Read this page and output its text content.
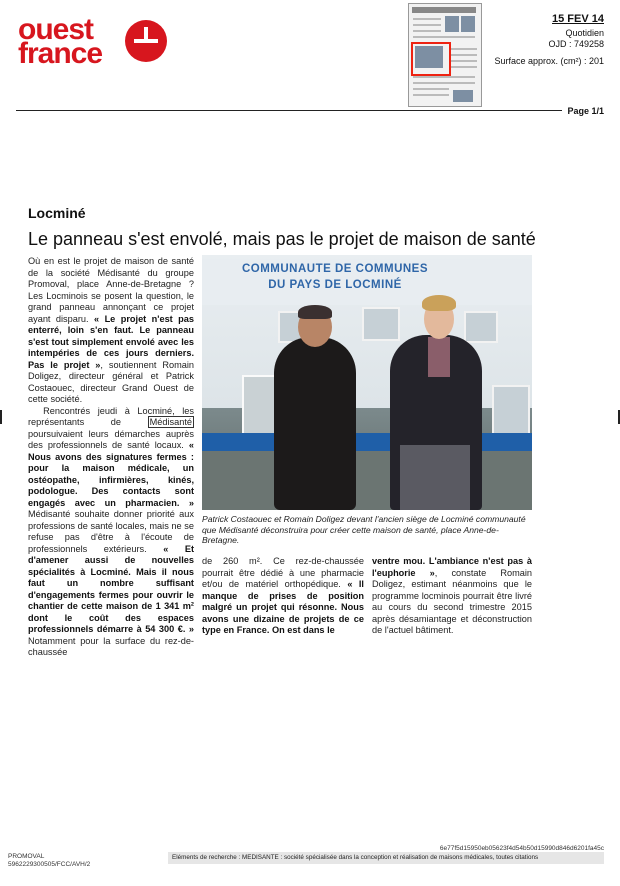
ouest
france
15 FEV 14
Quotidien
OJD : 749258
Surface approx. (cm²) : 201
Page 1/1
Locminé
Le panneau s'est envolé, mais pas le projet de maison de santé
Où en est le projet de maison de santé de la société Médisanté du groupe Promoval, place Anne-de-Bretagne ? Les Locminois se posent la question, le grand panneau annonçant ce projet ayant disparu. « Le projet n'est pas enterré, loin s'en faut. Le panneau s'est tout simplement envolé avec les intempéries de ces jours derniers. Pas le projet », soutiennent Romain Doligez, directeur général et Patrick Costaouec, directeur Grand Ouest de cette société.
Rencontrés jeudi à Locminé, les représentants de	Médisanté poursuivaient leurs démarches auprès des professionnels de santé locaux. « Nous avons des signatures fermes : pour la maison médicale, un ostéopathe, infirmières, kinés, podologue. Des contacts sont engagés avec un pharmacien. » Médisanté souhaite donner priorité aux professions de santé locales, mais ne se refuse pas d'être à l'écoute de professionnels extérieurs. « Et d'amener aussi de nouvelles spécialités à Locminé. Mais il nous faut un nombre suffisant d'engagements fermes pour ouvrir le chantier de cette maison de 1 341 m² dont le coût des espaces professionnels démarre à 54 300 €. » Notamment pour la surface du rez-de-chaussée
COMMUNAUTE DE COMMUNES
DU PAYS DE LOCMINÉ
Patrick Costaouec et Romain Doligez devant l'ancien siège de Locminé communauté que Médisanté déconstruira pour créer cette maison de santé, place Anne-de-Bretagne.
de 260 m². Ce rez-de-chaussée pourrait être dédié à une pharmacie et/ou de matériel orthopédique. « Il manque de prises de position malgré un projet qui résonne. Nous avons une dizaine de projets de ce type en France. On est dans le
ventre mou. L'ambiance n'est pas à l'euphorie », constate Romain Doligez, estimant néanmoins que le programme locminois pourrait être livré au cours du second trimestre 2015 après désamiantage et déconstruction de l'actuel bâtiment.
6e77f5d15950eb05623f4d54b50d15990d846d6201fa45c
PROMOVAL
5962229300505/FCC/AVH/2
Eléments de recherche : MEDISANTE : société spécialisée dans la conception et réalisation de maisons médicales, toutes citations
